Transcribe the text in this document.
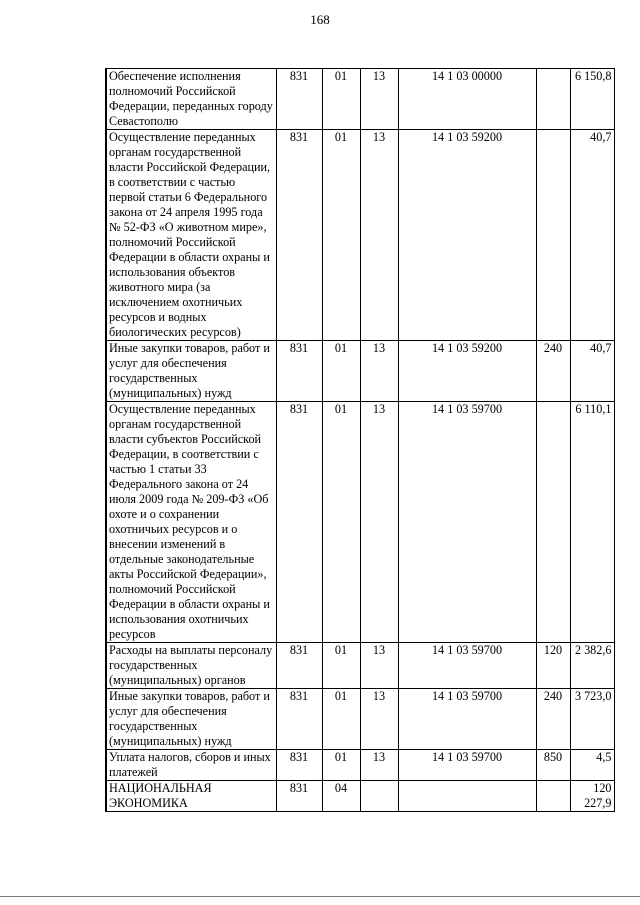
168
Обеспечение исполнения полномочий Российской Федерации, переданных городу Севастополю	831	01	13	14 1 03 00000		6 150,8
Осуществление переданных органам государственной власти Российской Федерации, в соответствии с частью первой статьи 6 Федерального закона от 24 апреля 1995 года № 52-ФЗ «О животном мире», полномочий Российской Федерации в области охраны и использования объектов животного мира (за исключением охотничьих ресурсов и водных биологических ресурсов)	831	01	13	14 1 03 59200		40,7
Иные закупки товаров, работ и услуг для обеспечения государственных (муниципальных) нужд	831	01	13	14 1 03 59200	240	40,7
Осуществление переданных органам государственной власти субъектов Российской Федерации, в соответствии с частью 1 статьи 33 Федерального закона от 24 июля 2009 года № 209-ФЗ «Об охоте и о сохранении охотничьих ресурсов и о внесении изменений в отдельные законодательные акты Российской Федерации», полномочий Российской Федерации в области охраны и использования охотничьих ресурсов	831	01	13	14 1 03 59700		6 110,1
Расходы на выплаты персоналу государственных (муниципальных) органов	831	01	13	14 1 03 59700	120	2 382,6
Иные закупки товаров, работ и услуг для обеспечения государственных (муниципальных) нужд	831	01	13	14 1 03 59700	240	3 723,0
Уплата налогов, сборов и иных платежей	831	01	13	14 1 03 59700	850	4,5
НАЦИОНАЛЬНАЯ ЭКОНОМИКА	831	04				120 227,9
